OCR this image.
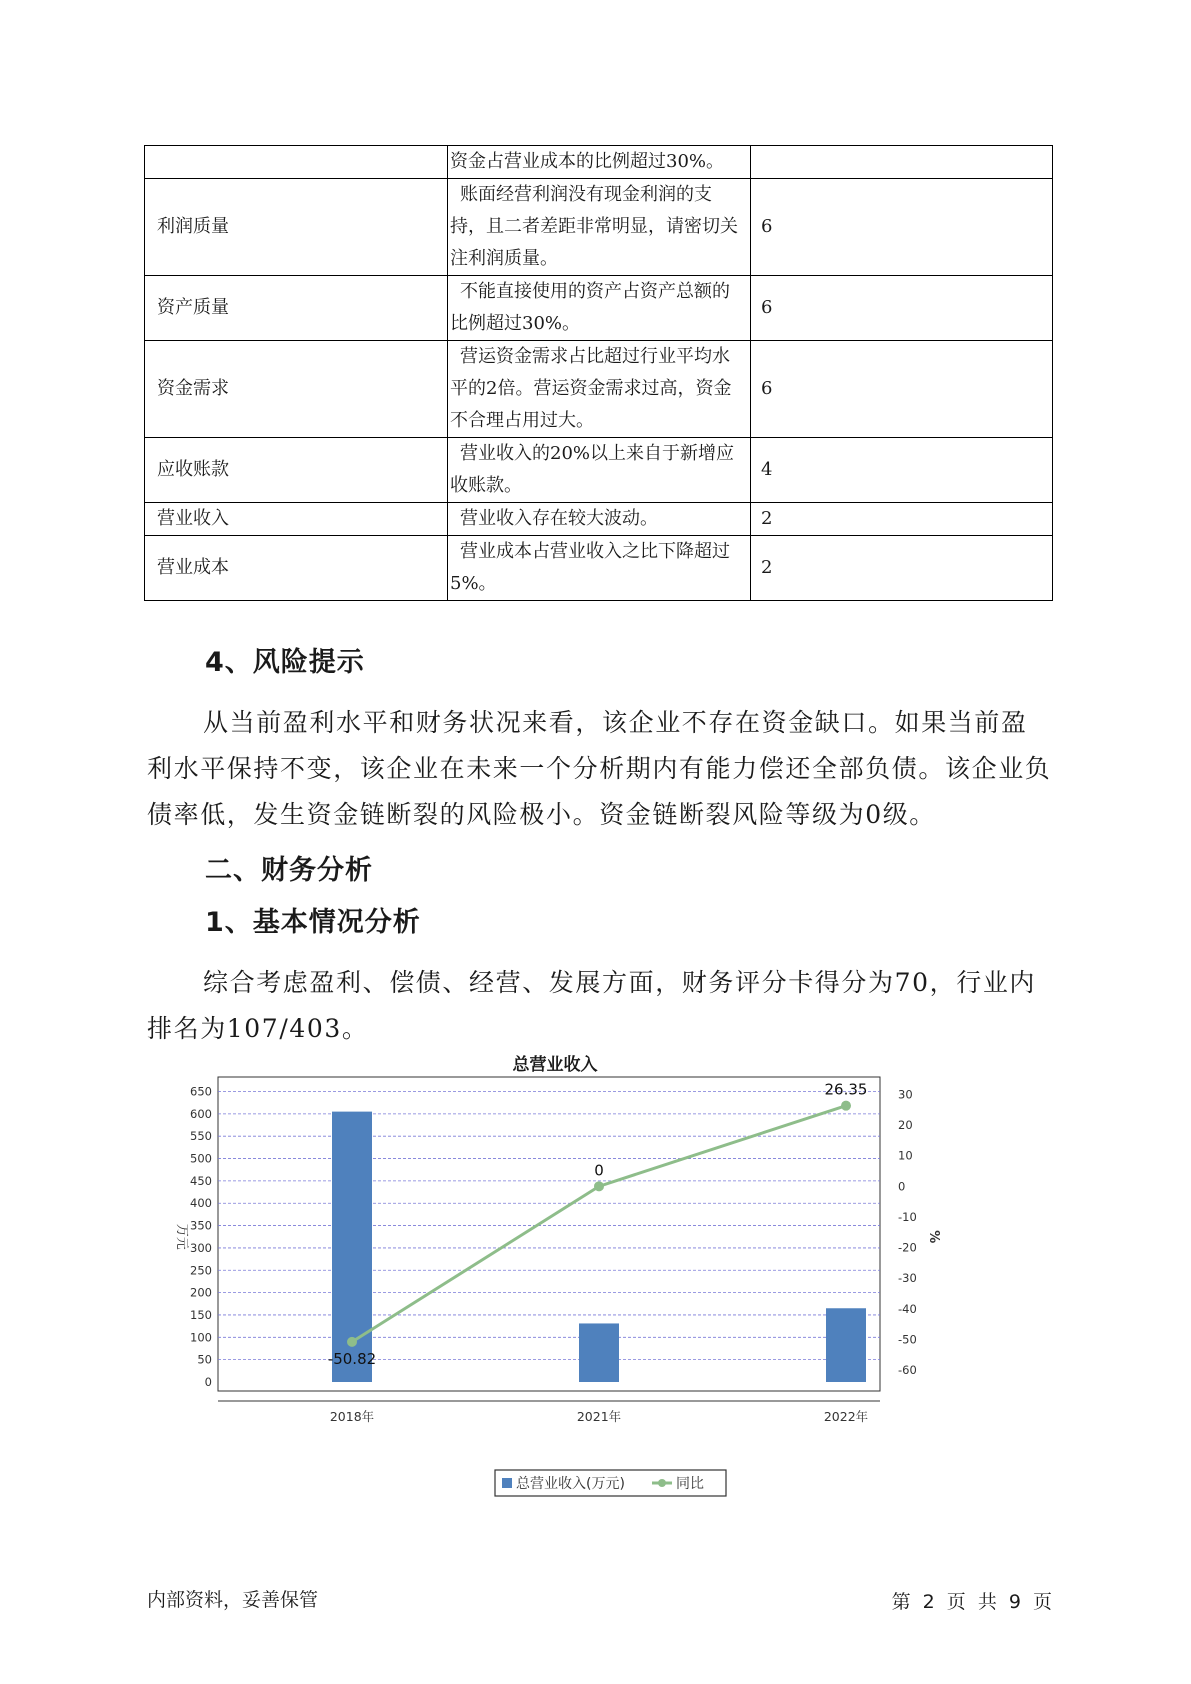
	资金占营业成本的比例超过30%。	
利润质量	账面经营利润没有现金利润的支持，且二者差距非常明显，请密切关注利润质量。	6
资产质量	不能直接使用的资产占资产总额的比例超过30%。	6
资金需求	营运资金需求占比超过行业平均水平的2倍。营运资金需求过高，资金不合理占用过大。	6
应收账款	营业收入的20%以上来自于新增应收账款。	4
营业收入	营业收入存在较大波动。	2
营业成本	营业成本占营业收入之比下降超过5%。	2
4、风险提示

从当前盈利水平和财务状况来看，该企业不存在资金缺口。如果当前盈利水平保持不变，该企业在未来一个分析期内有能力偿还全部负债。该企业负债率低，发生资金链断裂的风险极小。资金链断裂风险等级为0级。

二、财务分析
1、基本情况分析

综合考虑盈利、偿债、经营、发展方面，财务评分卡得分为70，行业内排名为107/403。

总营业收入
0
50
100
150
200
250
300
350
400
450
500
550
600
650
-60
-50
-40
-30
-20
-10
0
10
20
30
万元	%
2018年	2021年	2022年
-50.82
0
26.35
总营业收入(万元)	同比

内部资料，妥善保管	第 2 页 共 9 页
